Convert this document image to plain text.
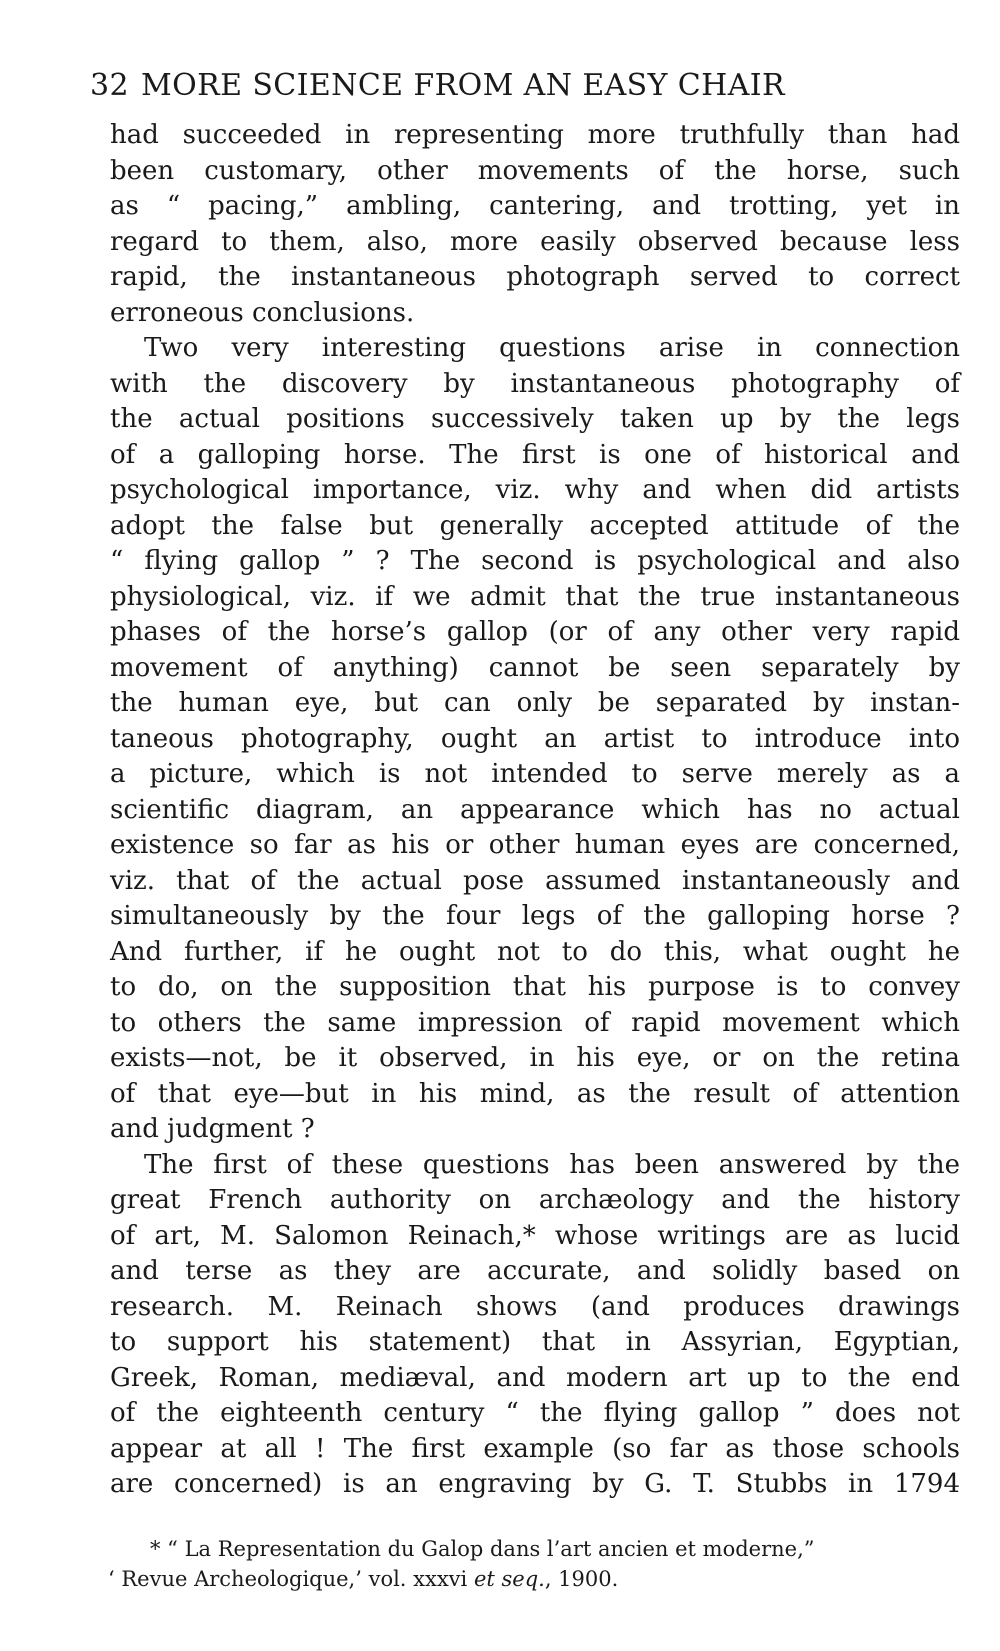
32 MORE SCIENCE FROM AN EASY CHAIR
had succeeded in representing more truthfully than had
been customary, other movements of the horse, such
as “ pacing,” ambling, cantering, and trotting, yet in
regard to them, also, more easily observed because less
rapid, the instantaneous photograph served to correct
erroneous conclusions.
Two very interesting questions arise in connection
with the discovery by instantaneous photography of
the actual positions successively taken up by the legs
of a galloping horse. The first is one of historical and
psychological importance, viz. why and when did artists
adopt the false but generally accepted attitude of the
“ flying gallop ” ? The second is psychological and also
physiological, viz. if we admit that the true instantaneous
phases of the horse’s gallop (or of any other very rapid
movement of anything) cannot be seen separately by
the human eye, but can only be separated by instan-
taneous photography, ought an artist to introduce into
a picture, which is not intended to serve merely as a
scientific diagram, an appearance which has no actual
existence so far as his or other human eyes are concerned,
viz. that of the actual pose assumed instantaneously and
simultaneously by the four legs of the galloping horse ?
And further, if he ought not to do this, what ought he
to do, on the supposition that his purpose is to convey
to others the same impression of rapid movement which
exists—not, be it observed, in his eye, or on the retina
of that eye—but in his mind, as the result of attention
and judgment ?
The first of these questions has been answered by the
great French authority on archæology and the history
of art, M. Salomon Reinach,* whose writings are as lucid
and terse as they are accurate, and solidly based on
research. M. Reinach shows (and produces drawings
to support his statement) that in Assyrian, Egyptian,
Greek, Roman, mediæval, and modern art up to the end
of the eighteenth century “ the flying gallop ” does not
appear at all ! The first example (so far as those schools
are concerned) is an engraving by G. T. Stubbs in 1794
* “ La Representation du Galop dans l’art ancien et moderne,”
‘ Revue Archeologique,’ vol. xxxvi et seq., 1900.
